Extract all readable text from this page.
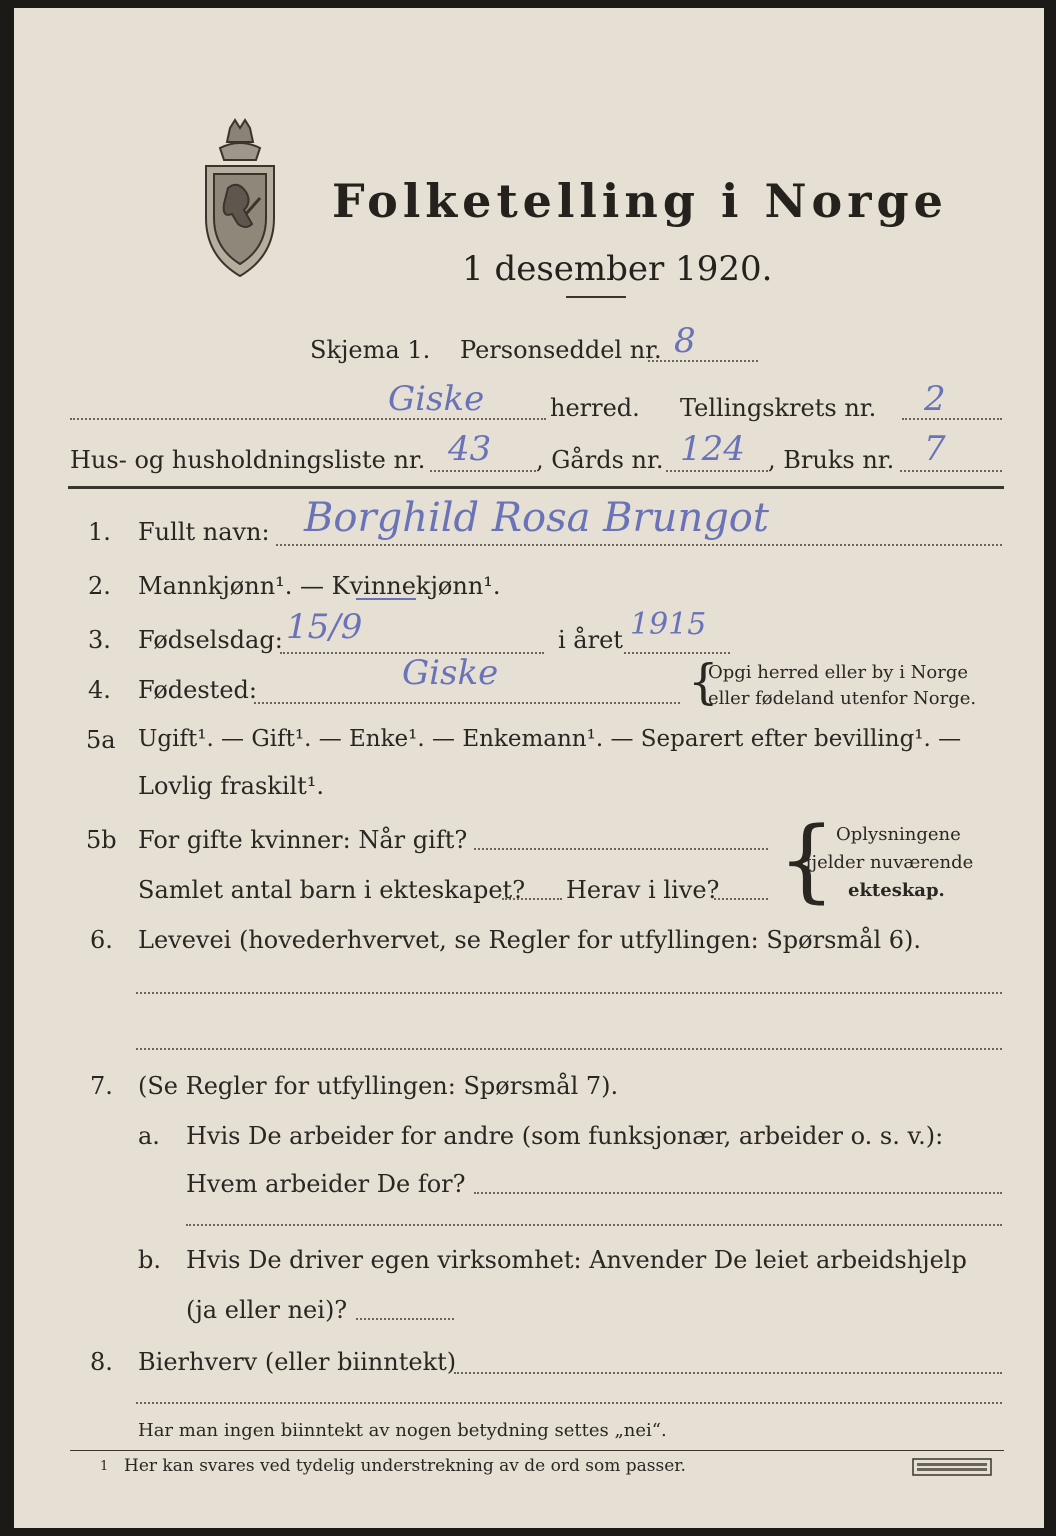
Folketelling i Norge
1 desember 1920.
Skjema 1. Personseddel nr. 8
Giske	herred. Tellingskrets nr. 2
Hus- og husholdningsliste nr. 43 , Gårds nr. 124 , Bruks nr. 7
1. Fullt navn: Borghild Rosa Brungot
2. Mannkjønn¹. — Kvinnekjønn¹.
3. Fødselsdag: 15/9	i året 1915
4. Fødested:	Giske	{
Opgi herred eller by i Norge
eller fødeland utenfor Norge.
5a Ugift¹. — Gift¹. — Enke¹. — Enkemann¹. — Separert efter bevilling¹. —
Lovlig fraskilt¹.
5b For gifte kvinner: Når gift?
Samlet antal barn i ekteskapet? Herav i live? { Oplysningene
gjelder nuværende
ekteskap.
6. Levevei (hovederhvervet, se Regler for utfyllingen: Spørsmål 6).
7. (Se Regler for utfyllingen: Spørsmål 7).
a. Hvis De arbeider for andre (som funksjonær, arbeider o. s. v.):
Hvem arbeider De for?
b. Hvis De driver egen virksomhet: Anvender De leiet arbeidshjelp
(ja eller nei)?
8. Bierhverv (eller biinntekt)
Har man ingen biinntekt av nogen betydning settes „nei“.
1 Her kan svares ved tydelig understrekning av de ord som passer.
